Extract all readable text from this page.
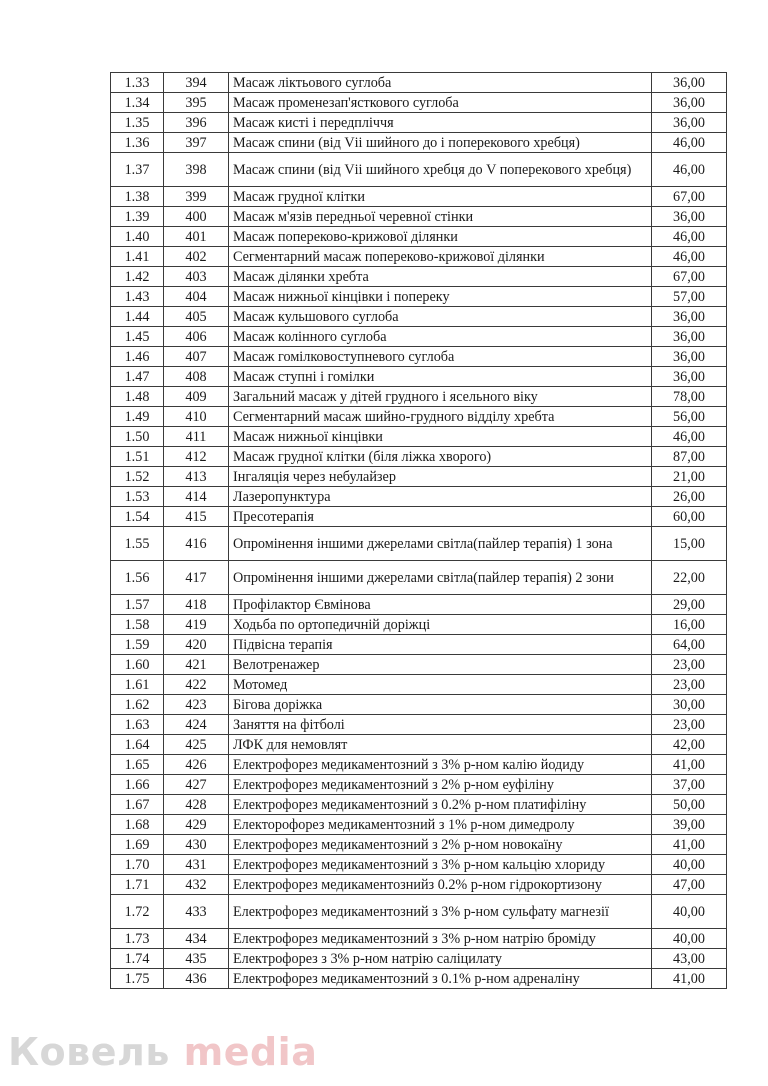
1.33	394	Масаж ліктьового суглоба	36,00
1.34	395	Масаж променезап'ясткового суглоба	36,00
1.35	396	Масаж кисті і передпліччя	36,00
1.36	397	Масаж спини (від Vіі шийного до і поперекового хребця)	46,00
1.37	398	Масаж спини (від Vіі шийного хребця до V поперекового хребця)	46,00
1.38	399	Масаж грудної клітки	67,00
1.39	400	Масаж м'язів передньої черевної стінки	36,00
1.40	401	Масаж попереково-крижової ділянки	46,00
1.41	402	Сегментарний масаж попереково-крижової ділянки	46,00
1.42	403	Масаж ділянки хребта	67,00
1.43	404	Масаж нижньої кінцівки і попереку	57,00
1.44	405	Масаж кульшового суглоба	36,00
1.45	406	Масаж колінного суглоба	36,00
1.46	407	Масаж гомілковоступневого суглоба	36,00
1.47	408	Масаж ступні і гомілки	36,00
1.48	409	Загальний масаж у дітей грудного і ясельного віку	78,00
1.49	410	Сегментарний масаж шийно-грудного відділу хребта	56,00
1.50	411	Масаж нижньої кінцівки	46,00
1.51	412	Масаж грудної клітки (біля ліжка хворого)	87,00
1.52	413	Інгаляція через небулайзер	21,00
1.53	414	Лазеропунктура	26,00
1.54	415	Пресотерапія	60,00
1.55	416	Опромінення іншими джерелами світла(пайлер терапія) 1 зона	15,00
1.56	417	Опромінення іншими джерелами світла(пайлер терапія) 2 зони	22,00
1.57	418	Профілактор Євмінова	29,00
1.58	419	Ходьба по ортопедичній доріжці	16,00
1.59	420	Підвісна терапія	64,00
1.60	421	Велотренажер	23,00
1.61	422	Мотомед	23,00
1.62	423	Бігова доріжка	30,00
1.63	424	Заняття на фітболі	23,00
1.64	425	ЛФК для немовлят	42,00
1.65	426	Електрофорез медикаментозний з 3% р-ном калію йодиду	41,00
1.66	427	Електрофорез медикаментозний з 2% р-ном еуфіліну	37,00
1.67	428	Електрофорез медикаментозний з 0.2% р-ном платифіліну	50,00
1.68	429	Електорофорез медикаментозний з 1% р-ном димедролу	39,00
1.69	430	Електрофорез медикаментозний з 2% р-ном новокаїну	41,00
1.70	431	Електрофорез медикаментозний з 3% р-ном кальцію хлориду	40,00
1.71	432	Електрофорез медикаментознийз 0.2% р-ном гідрокортизону	47,00
1.72	433	Електрофорез медикаментозний з 3% р-ном сульфату магнезії	40,00
1.73	434	Електрофорез медикаментозний з 3% р-ном натрію броміду	40,00
1.74	435	Електрофорез з 3% р-ном натрію саліцилату	43,00
1.75	436	Електрофорез медикаментозний з 0.1% р-ном адреналіну	41,00
Ковель media
